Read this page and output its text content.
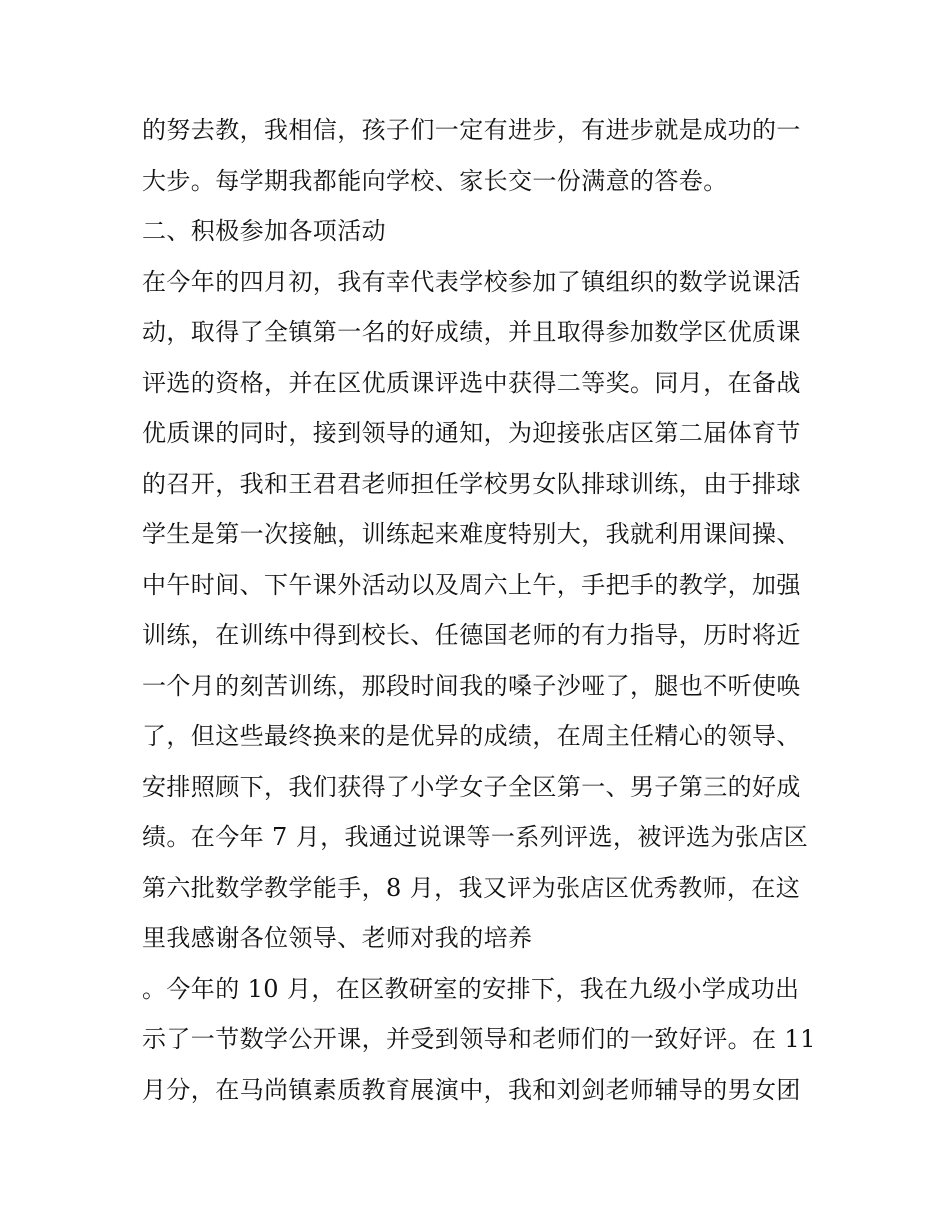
的努去教，我相信，孩子们一定有进步，有进步就是成功的一
大步。每学期我都能向学校、家长交一份满意的答卷。
二、积极参加各项活动
在今年的四月初，我有幸代表学校参加了镇组织的数学说课活
动，取得了全镇第一名的好成绩，并且取得参加数学区优质课
评选的资格，并在区优质课评选中获得二等奖。同月，在备战
优质课的同时，接到领导的通知，为迎接张店区第二届体育节
的召开，我和王君君老师担任学校男女队排球训练，由于排球
学生是第一次接触，训练起来难度特别大，我就利用课间操、
中午时间、下午课外活动以及周六上午，手把手的教学，加强
训练，在训练中得到校长、任德国老师的有力指导，历时将近
一个月的刻苦训练，那段时间我的嗓子沙哑了，腿也不听使唤
了，但这些最终换来的是优异的成绩，在周主任精心的领导、
安排照顾下，我们获得了小学女子全区第一、男子第三的好成
绩。在今年 7 月，我通过说课等一系列评选，被评选为张店区
第六批数学教学能手，8 月，我又评为张店区优秀教师，在这
里我感谢各位领导、老师对我的培养
。今年的 10 月，在区教研室的安排下，我在九级小学成功出
示了一节数学公开课，并受到领导和老师们的一致好评。在 11
月分，在马尚镇素质教育展演中，我和刘剑老师辅导的男女团
